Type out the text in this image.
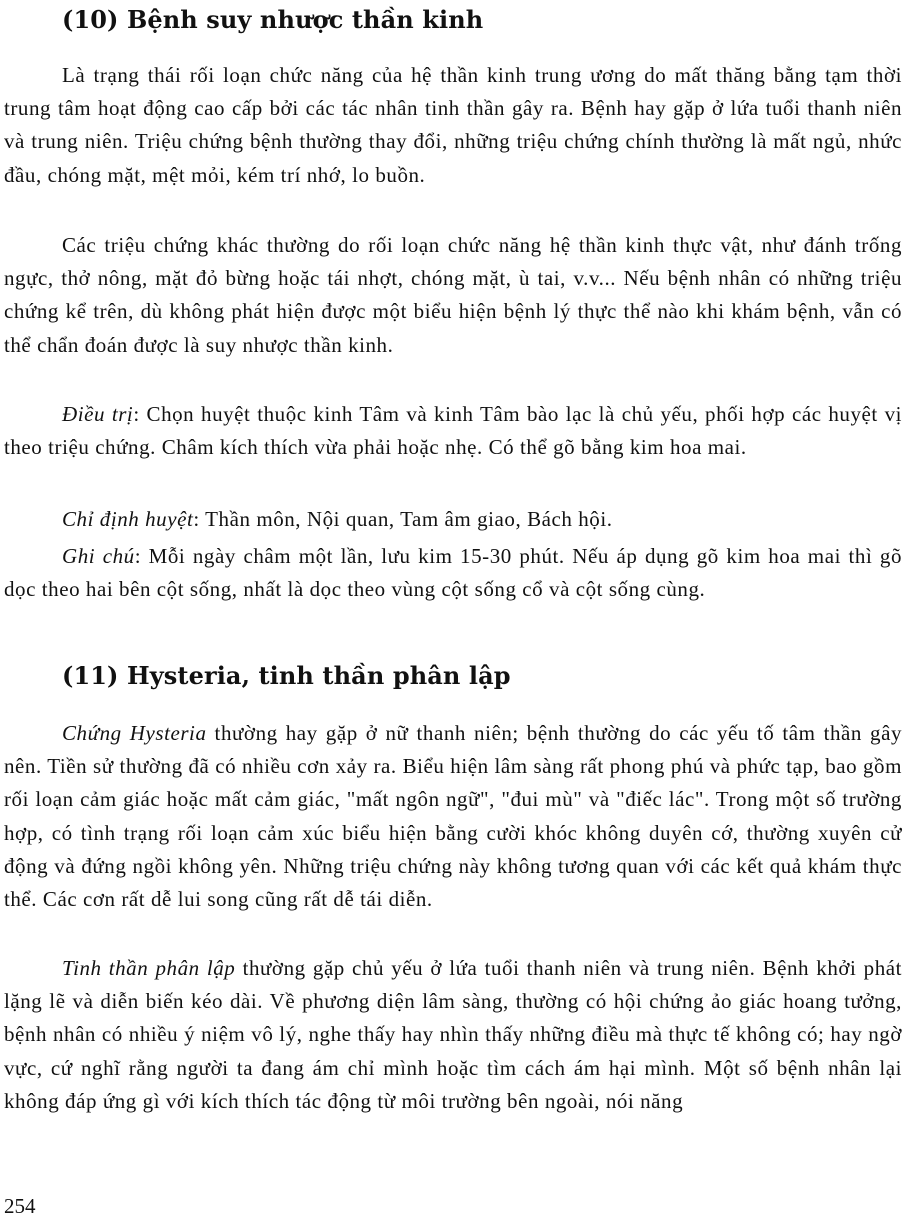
(10) Bệnh suy nhược thần kinh

Là trạng thái rối loạn chức năng của hệ thần kinh trung ương do mất thăng bằng tạm thời trung tâm hoạt động cao cấp bởi các tác nhân tinh thần gây ra. Bệnh hay gặp ở lứa tuổi thanh niên và trung niên. Triệu chứng bệnh thường thay đổi, những triệu chứng chính thường là mất ngủ, nhức đầu, chóng mặt, mệt mỏi, kém trí nhớ, lo buồn.

Các triệu chứng khác thường do rối loạn chức năng hệ thần kinh thực vật, như đánh trống ngực, thở nông, mặt đỏ bừng hoặc tái nhợt, chóng mặt, ù tai, v.v... Nếu bệnh nhân có những triệu chứng kể trên, dù không phát hiện được một biểu hiện bệnh lý thực thể nào khi khám bệnh, vẫn có thể chẩn đoán được là suy nhược thần kinh.

Điều trị: Chọn huyệt thuộc kinh Tâm và kinh Tâm bào lạc là chủ yếu, phối hợp các huyệt vị theo triệu chứng. Châm kích thích vừa phải hoặc nhẹ. Có thể gõ bằng kim hoa mai.

Chỉ định huyệt: Thần môn, Nội quan, Tam âm giao, Bách hội.

Ghi chú: Mỗi ngày châm một lần, lưu kim 15-30 phút. Nếu áp dụng gõ kim hoa mai thì gõ dọc theo hai bên cột sống, nhất là dọc theo vùng cột sống cổ và cột sống cùng.

(11) Hysteria, tinh thần phân lập

Chứng Hysteria thường hay gặp ở nữ thanh niên; bệnh thường do các yếu tố tâm thần gây nên. Tiền sử thường đã có nhiều cơn xảy ra. Biểu hiện lâm sàng rất phong phú và phức tạp, bao gồm rối loạn cảm giác hoặc mất cảm giác, "mất ngôn ngữ", "đui mù" và "điếc lác". Trong một số trường hợp, có tình trạng rối loạn cảm xúc biểu hiện bằng cười khóc không duyên cớ, thường xuyên cử động và đứng ngồi không yên. Những triệu chứng này không tương quan với các kết quả khám thực thể. Các cơn rất dễ lui song cũng rất dễ tái diễn.

Tinh thần phân lập thường gặp chủ yếu ở lứa tuổi thanh niên và trung niên. Bệnh khởi phát lặng lẽ và diễn biến kéo dài. Về phương diện lâm sàng, thường có hội chứng ảo giác hoang tưởng, bệnh nhân có nhiều ý niệm vô lý, nghe thấy hay nhìn thấy những điều mà thực tế không có; hay ngờ vực, cứ nghĩ rằng người ta đang ám chỉ mình hoặc tìm cách ám hại mình. Một số bệnh nhân lại không đáp ứng gì với kích thích tác động từ môi trường bên ngoài, nói năng

254
